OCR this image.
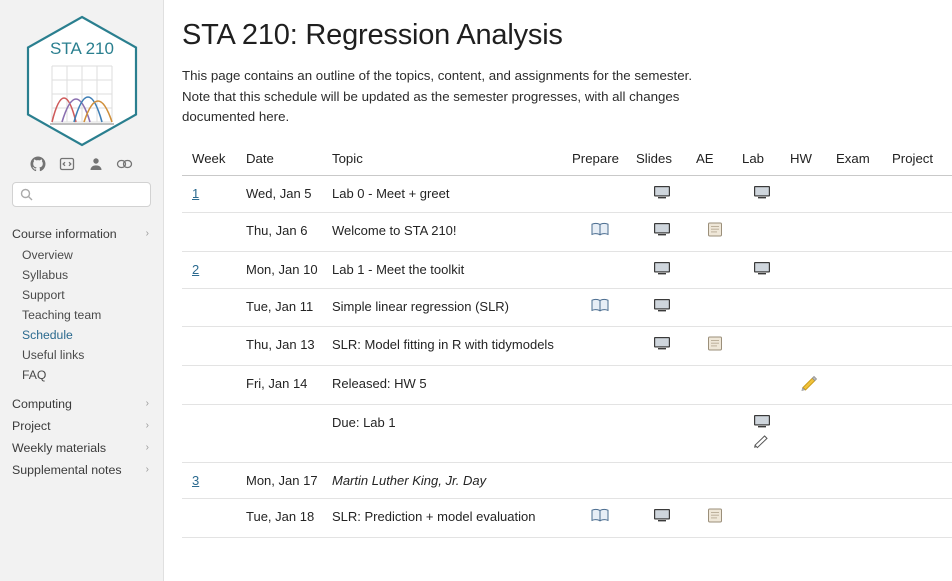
STA 210
Course information	›
Overview
Syllabus
Support
Teaching team
Schedule
Useful links
FAQ
Computing	›
Project	›
Weekly materials	›
Supplemental notes ›
STA 210: Regression Analysis

This page contains an outline of the topics, content, and assignments for the semester. Note that this schedule will be updated as the semester progresses, with all changes documented here.

Week	Date	Topic	Prepare	Slides	AE	Lab	HW	Exam	Project
1	Wed, Jan 5	Lab 0 - Meet + greet							
	Thu, Jan 6	Welcome to STA 210!							
2	Mon, Jan 10	Lab 1 - Meet the toolkit							
	Tue, Jan 11	Simple linear regression (SLR)							
	Thu, Jan 13	SLR: Model fitting in R with tidymodels							
	Fri, Jan 14	Released: HW 5							
		Due: Lab 1				

3	Mon, Jan 17	Martin Luther King, Jr. Day							
	Tue, Jan 18	SLR: Prediction + model evaluation							
